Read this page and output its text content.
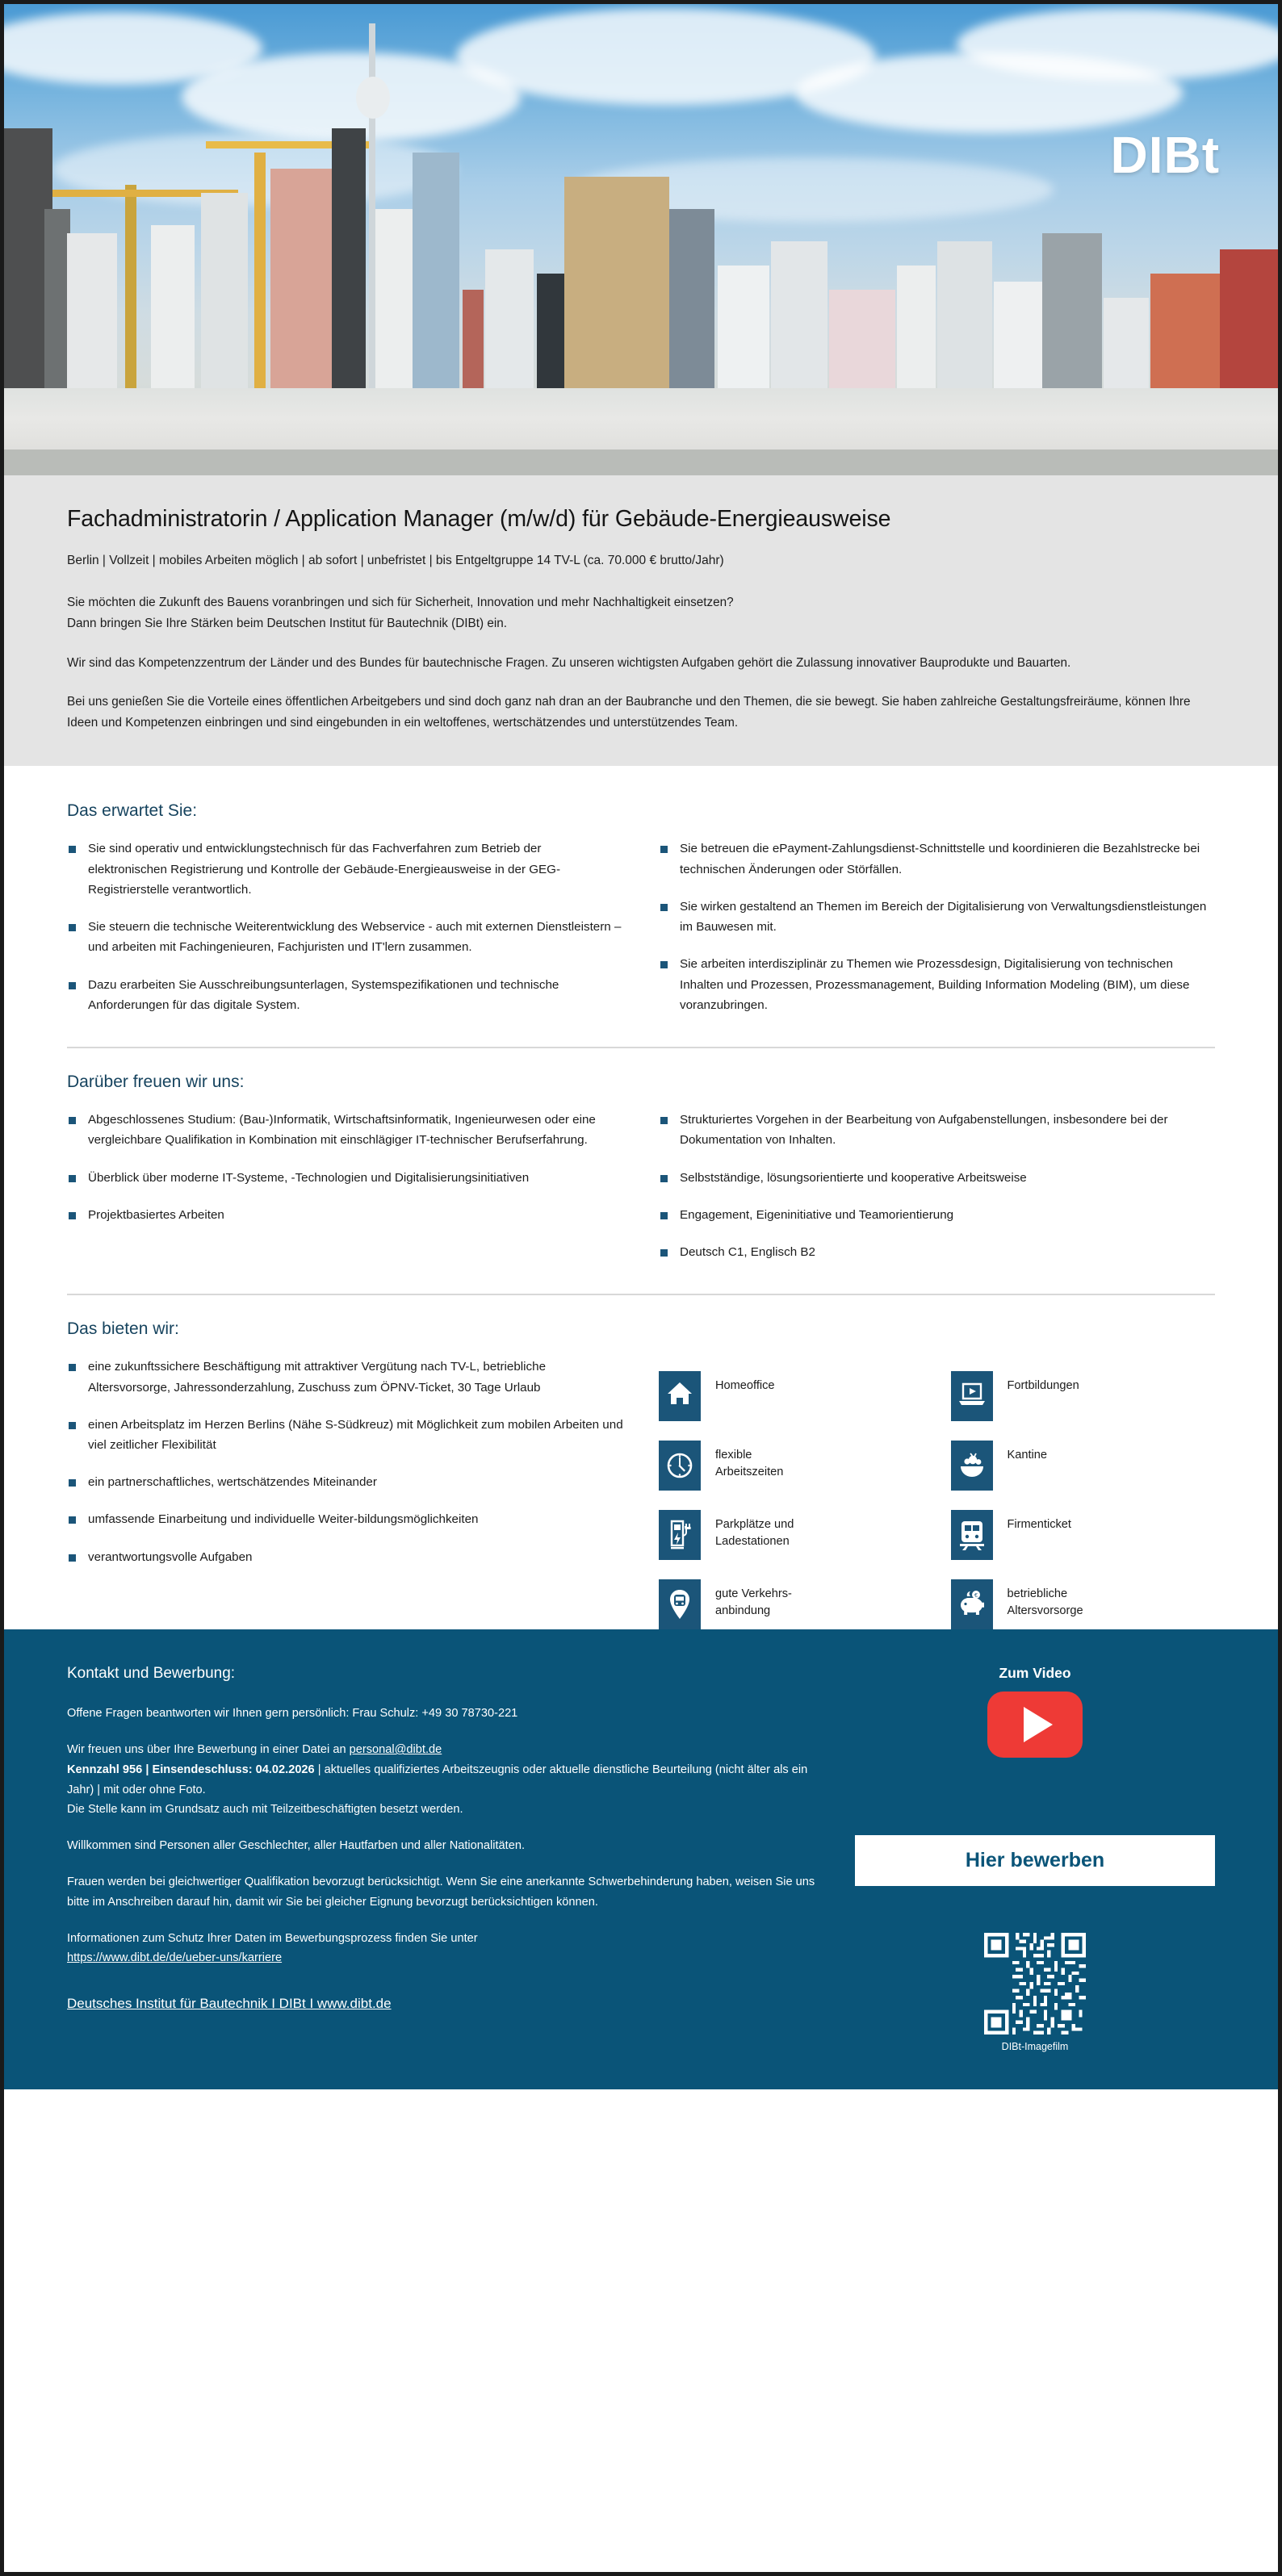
DIBt
Fachadministratorin / Application Manager (m/w/d) für Gebäude-Energieausweise
Berlin | Vollzeit | mobiles Arbeiten möglich | ab sofort | unbefristet | bis Entgeltgruppe 14 TV-L (ca. 70.000 € brutto/Jahr)

Sie möchten die Zukunft des Bauens voranbringen und sich für Sicherheit, Innovation und mehr Nachhaltigkeit einsetzen?
Dann bringen Sie Ihre Stärken beim Deutschen Institut für Bautechnik (DIBt) ein.

Wir sind das Kompetenzzentrum der Länder und des Bundes für bautechnische Fragen. Zu unseren wichtigsten Aufgaben gehört die Zulassung innovativer Bauprodukte und Bauarten.

Bei uns genießen Sie die Vorteile eines öffentlichen Arbeitgebers und sind doch ganz nah dran an der Baubranche und den Themen, die sie bewegt. Sie haben zahlreiche Gestaltungsfreiräume, können Ihre Ideen und Kompetenzen einbringen und sind eingebunden in ein weltoffenes, wertschätzendes und unterstützendes Team.

Das erwartet Sie:
Sie sind operativ und entwicklungstechnisch für das Fachverfahren zum Betrieb der elektronischen Registrierung und Kontrolle der Gebäude-Energieausweise in der GEG-Registrierstelle verantwortlich.
Sie steuern die technische Weiterentwicklung des Webservice - auch mit externen Dienstleistern – und arbeiten mit Fachingenieuren, Fachjuristen und IT'lern zusammen.
Dazu erarbeiten Sie Ausschreibungsunterlagen, Systemspezifikationen und technische Anforderungen für das digitale System.
Sie betreuen die ePayment-Zahlungsdienst-Schnittstelle und koordinieren die Bezahlstrecke bei technischen Änderungen oder Störfällen.
Sie wirken gestaltend an Themen im Bereich der Digitalisierung von Verwaltungsdienstleistungen im Bauwesen mit.
Sie arbeiten interdisziplinär zu Themen wie Prozessdesign, Digitalisierung von technischen Inhalten und Prozessen, Prozessmanagement, Building Information Modeling (BIM), um diese voranzubringen.
Darüber freuen wir uns:
Abgeschlossenes Studium: (Bau-)Informatik, Wirtschaftsinformatik, Ingenieurwesen oder eine vergleichbare Qualifikation in Kombination mit einschlägiger IT-technischer Berufserfahrung.
Überblick über moderne IT-Systeme, -Technologien und Digitalisierungsinitiativen
Projektbasiertes Arbeiten
Strukturiertes Vorgehen in der Bearbeitung von Aufgabenstellungen, insbesondere bei der Dokumentation von Inhalten.
Selbstständige, lösungsorientierte und kooperative Arbeitsweise
Engagement, Eigeninitiative und Teamorientierung
Deutsch C1, Englisch B2
Das bieten wir:
eine zukunftssichere Beschäftigung mit attraktiver Vergütung nach TV-L, betriebliche Altersvorsorge, Jahressonderzahlung, Zuschuss zum ÖPNV-Ticket, 30 Tage Urlaub
einen Arbeitsplatz im Herzen Berlins (Nähe S-Südkreuz) mit Möglichkeit zum mobilen Arbeiten und viel zeitlicher Flexibilität
ein partnerschaftliches, wertschätzendes Miteinander
umfassende Einarbeitung und individuelle Weiter-bildungsmöglichkeiten
verantwortungsvolle Aufgaben
Homeoffice	Fortbildungen
flexible
Arbeitszeiten
Kantine
Parkplätze und
Ladestationen
Firmenticket
gute Verkehrs-
anbindung
€	betriebliche
Altersvorsorge
Kontakt und Bewerbung:

Offene Fragen beantworten wir Ihnen gern persönlich: Frau Schulz: +49 30 78730-221

Wir freuen uns über Ihre Bewerbung in einer Datei an personal@dibt.de
Kennzahl 956 | Einsendeschluss: 04.02.2026 | aktuelles qualifiziertes Arbeitszeugnis oder aktuelle dienstliche Beurteilung (nicht älter als ein Jahr) | mit oder ohne Foto.
Die Stelle kann im Grundsatz auch mit Teilzeitbeschäftigten besetzt werden.

Willkommen sind Personen aller Geschlechter, aller Hautfarben und aller Nationalitäten.

Frauen werden bei gleichwertiger Qualifikation bevorzugt berücksichtigt. Wenn Sie eine anerkannte Schwerbehinderung haben, weisen Sie uns bitte im Anschreiben darauf hin, damit wir Sie bei gleicher Eignung bevorzugt berücksichtigen können.

Informationen zum Schutz Ihrer Daten im Bewerbungsprozess finden Sie unter
https://www.dibt.de/de/ueber-uns/karriere

Deutsches Institut für Bautechnik I DIBt I www.dibt.de
Zum Video
Hier bewerben
DIBt-Imagefilm
